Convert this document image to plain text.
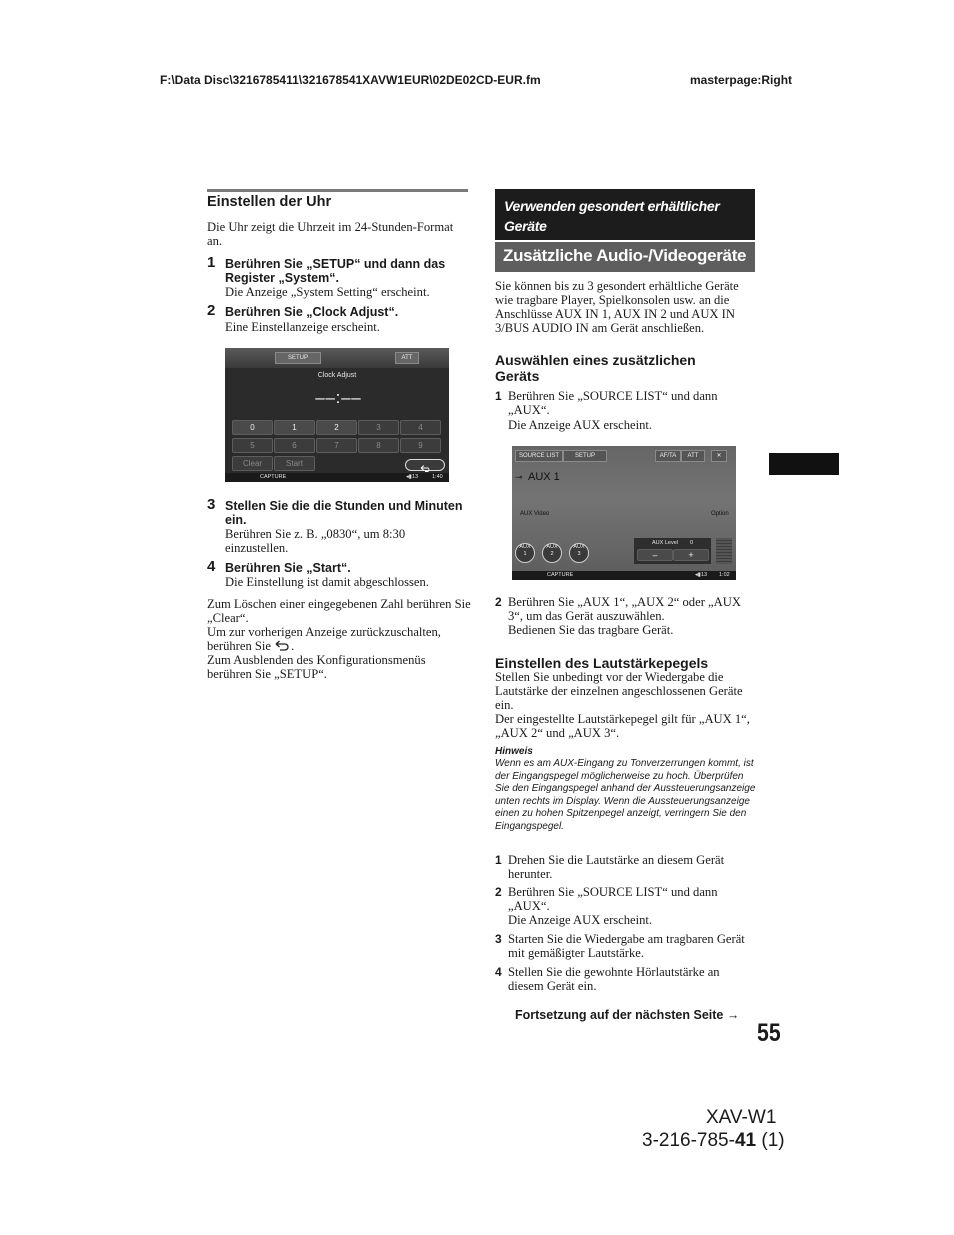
F:\Data Disc\3216785411\321678541XAVW1EUR\02DE02CD-EUR.fm	masterpage:Right
Einstellen der Uhr
Die Uhr zeigt die Uhrzeit im 24-Stunden-Format an.
1 Berühren Sie „SETUP“ und dann das Register „System“.
Die Anzeige „System Setting“ erscheint.
2 Berühren Sie „Clock Adjust“.
Eine Einstellanzeige erscheint.
SETUP	ATT
Clock Adjust
– – : – –
0	1	2	3	4
5	6	7	8	9
Clear	Start
CAPTURE	◂▮ 13	1:40
3 Stellen Sie die die Stunden und Minuten ein.
Berühren Sie z. B. „0830“, um 8:30 einzustellen.
4 Berühren Sie „Start“.
Die Einstellung ist damit abgeschlossen.
Zum Löschen einer eingegebenen Zahl berühren Sie „Clear“.
Um zur vorherigen Anzeige zurückzuschalten, berühren Sie .
Zum Ausblenden des Konfigurationsmenüs berühren Sie „SETUP“.
Verwenden gesondert erhältlicher Geräte
Zusätzliche Audio-/Videogeräte
Sie können bis zu 3 gesondert erhältliche Geräte wie tragbare Player, Spielkonsolen usw. an die Anschlüsse AUX IN 1, AUX IN 2 und AUX IN 3/BUS AUDIO IN am Gerät anschließen.
Auswählen eines zusätzlichen Geräts
1 Berühren Sie „SOURCE LIST“ und dann „AUX“.
Die Anzeige AUX erscheint.
SOURCE LIST	SETUP	AF/TA	ATT	✕
⊸ AUX 1
AUX Video	Option
AUX
1
AUX
2
AUX
3
AUX Level 0
–	+
CAPTURE	◂▮ 13 1:02
2 Berühren Sie „AUX 1“, „AUX 2“ oder „AUX 3“, um das Gerät auszuwählen.
Bedienen Sie das tragbare Gerät.
Einstellen des Lautstärkepegels
Stellen Sie unbedingt vor der Wiedergabe die Lautstärke der einzelnen angeschlossenen Geräte ein.
Der eingestellte Lautstärkepegel gilt für „AUX 1“, „AUX 2“ und „AUX 3“.
Hinweis
Wenn es am AUX-Eingang zu Tonverzerrungen kommt, ist der Eingangspegel möglicherweise zu hoch. Überprüfen Sie den Eingangspegel anhand der Aussteuerungsanzeige unten rechts im Display. Wenn die Aussteuerungsanzeige einen zu hohen Spitzenpegel anzeigt, verringern Sie den Eingangspegel.
1 Drehen Sie die Lautstärke an diesem Gerät herunter.
2 Berühren Sie „SOURCE LIST“ und dann „AUX“.
Die Anzeige AUX erscheint.
3 Starten Sie die Wiedergabe am tragbaren Gerät mit gemäßigter Lautstärke.
4 Stellen Sie die gewohnte Hörlautstärke an diesem Gerät ein.
Fortsetzung auf der nächsten Seite →
55
XAV-W1
3-216-785-41 (1)
